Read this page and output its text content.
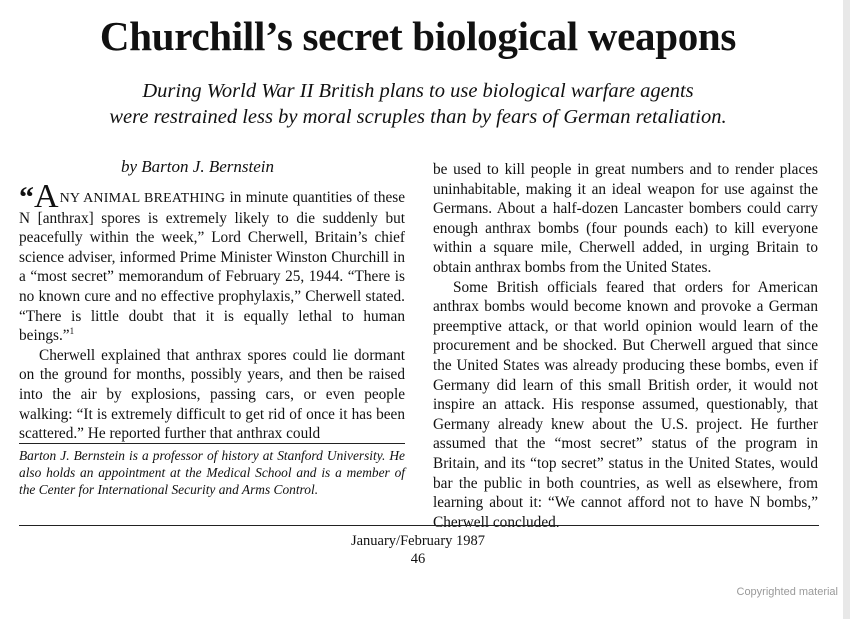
Churchill’s secret biological weapons
During World War II British plans to use biological warfare agents
were restrained less by moral scruples than by fears of German retaliation.
by Barton J. Bernstein

“ANY ANIMAL BREATHING in minute quantities of these N [anthrax] spores is extremely likely to die suddenly but peacefully within the week,” Lord Cherwell, Britain’s chief science adviser, informed Prime Minister Winston Churchill in a “most secret” memorandum of February 25, 1944. “There is no known cure and no effective prophylaxis,” Cherwell stated. “There is little doubt that it is equally lethal to human beings.”$^1$

Cherwell explained that anthrax spores could lie dormant on the ground for months, possibly years, and then be raised into the air by explosions, passing cars, or even people walking: “It is extremely difficult to get rid of once it has been scattered.” He reported further that anthrax could

Barton J. Bernstein is a professor of history at Stanford University. He also holds an appointment at the Medical School and is a member of the Center for International Security and Arms Control.

be used to kill people in great numbers and to render places uninhabitable, making it an ideal weapon for use against the Germans. About a half-dozen Lancaster bombers could carry enough anthrax bombs (four pounds each) to kill everyone within a square mile, Cherwell added, in urging Britain to obtain anthrax bombs from the United States.

Some British officials feared that orders for American anthrax bombs would become known and provoke a German preemptive attack, or that world opinion would learn of the procurement and be shocked. But Cherwell argued that since the United States was already producing these bombs, even if Germany did learn of this small British order, it would not inspire an attack. His response assumed, questionably, that Germany already knew about the U.S. project. He further assumed that the “most secret” status of the program in Britain, and its “top secret” status in the United States, would bar the public in both countries, as well as elsewhere, from learning about it: “We cannot afford not to have N bombs,” Cherwell concluded.

January/February 1987
46
Copyrighted material
